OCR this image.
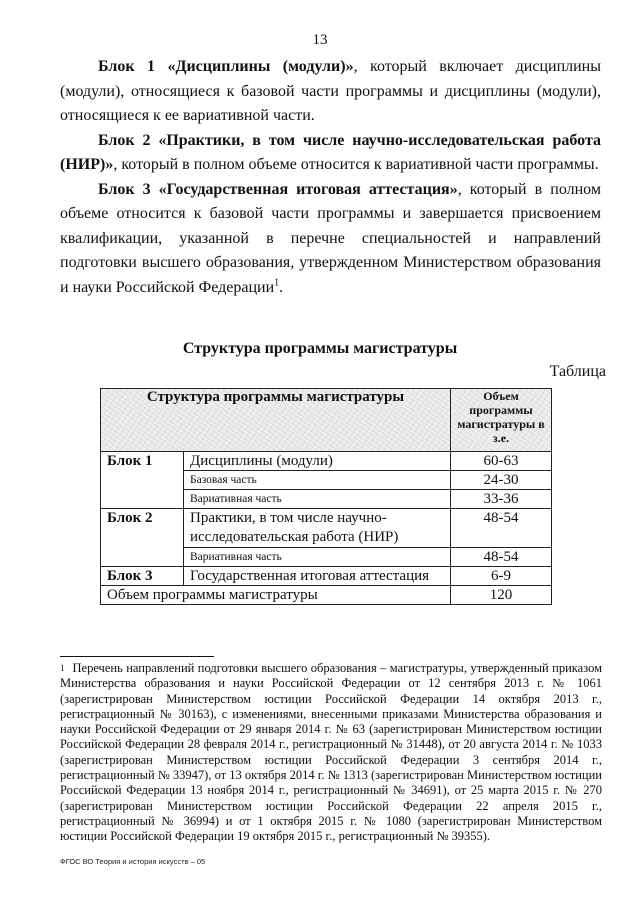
13

Блок 1 «Дисциплины (модули)», который включает дисциплины (модули), относящиеся к базовой части программы и дисциплины (модули), относящиеся к ее вариативной части.

Блок 2 «Практики, в том числе научно-исследовательская работа (НИР)», который в полном объеме относится к вариативной части программы.

Блок 3 «Государственная итоговая аттестация», который в полном объеме относится к базовой части программы и завершается присвоением квалификации, указанной в перечне специальностей и направлений подготовки высшего образования, утвержденном Министерством образования и науки Российской Федерации$^1$.

Структура программы магистратуры
Таблица
Структура программы магистратуры		Объем программы магистратуры в з.е.
Блок 1	Дисциплины (модули)	60-63
	Базовая часть	24-30
	Вариативная часть	33-36
Блок 2	Практики, в том числе научно-исследовательская работа (НИР)	48-54
	Вариативная часть	48-54
Блок 3	Государственная итоговая аттестация	6-9
Объем программы магистратуры		120
$^1$ Перечень направлений подготовки высшего образования – магистратуры, утвержденный приказом Министерства образования и науки Российской Федерации от 12 сентября 2013 г. № 1061 (зарегистрирован Министерством юстиции Российской Федерации 14 октября 2013 г., регистрационный № 30163), с изменениями, внесенными приказами Министерства образования и науки Российской Федерации от 29 января 2014 г. № 63 (зарегистрирован Министерством юстиции Российской Федерации 28 февраля 2014 г., регистрационный № 31448), от 20 августа 2014 г. № 1033 (зарегистрирован Министерством юстиции Российской Федерации 3 сентября 2014 г., регистрационный № 33947), от 13 октября 2014 г. № 1313 (зарегистрирован Министерством юстиции Российской Федерации 13 ноября 2014 г., регистрационный № 34691), от 25 марта 2015 г. № 270 (зарегистрирован Министерством юстиции Российской Федерации 22 апреля 2015 г., регистрационный № 36994) и от 1 октября 2015 г. № 1080 (зарегистрирован Министерством юстиции Российской Федерации 19 октября 2015 г., регистрационный № 39355).
ФГОС ВО Теория и история искусств – 05
